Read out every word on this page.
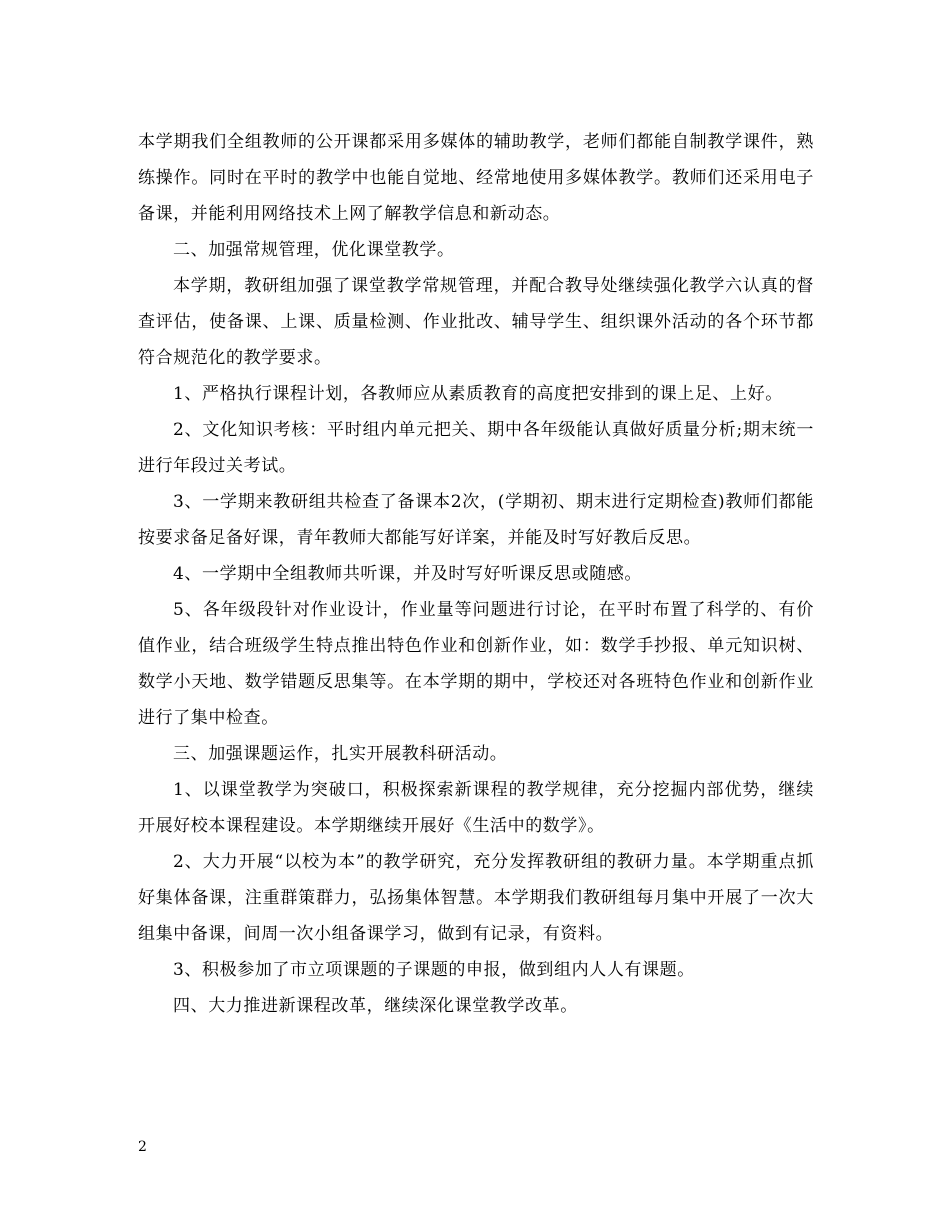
本学期我们全组教师的公开课都采用多媒体的辅助教学，老师们都能自制教学课件，熟练操作。同时在平时的教学中也能自觉地、经常地使用多媒体教学。教师们还采用电子备课，并能利用网络技术上网了解教学信息和新动态。

二、加强常规管理，优化课堂教学。

本学期，教研组加强了课堂教学常规管理，并配合教导处继续强化教学六认真的督查评估，使备课、上课、质量检测、作业批改、辅导学生、组织课外活动的各个环节都符合规范化的教学要求。

1、严格执行课程计划，各教师应从素质教育的高度把安排到的课上足、上好。

2、文化知识考核：平时组内单元把关、期中各年级能认真做好质量分析;期末统一进行年段过关考试。

3、一学期来教研组共检查了备课本2次，(学期初、期末进行定期检查)教师们都能按要求备足备好课，青年教师大都能写好详案，并能及时写好教后反思。

4、一学期中全组教师共听课，并及时写好听课反思或随感。

5、各年级段针对作业设计，作业量等问题进行讨论，在平时布置了科学的、有价值作业，结合班级学生特点推出特色作业和创新作业，如：数学手抄报、单元知识树、数学小天地、数学错题反思集等。在本学期的期中，学校还对各班特色作业和创新作业进行了集中检查。

三、加强课题运作，扎实开展教科研活动。

1、以课堂教学为突破口，积极探索新课程的教学规律，充分挖掘内部优势，继续开展好校本课程建设。本学期继续开展好《生活中的数学》。

2、大力开展“以校为本”的教学研究，充分发挥教研组的教研力量。本学期重点抓好集体备课，注重群策群力，弘扬集体智慧。本学期我们教研组每月集中开展了一次大组集中备课，间周一次小组备课学习，做到有记录，有资料。

3、积极参加了市立项课题的子课题的申报，做到组内人人有课题。

四、大力推进新课程改革，继续深化课堂教学改革。

2
